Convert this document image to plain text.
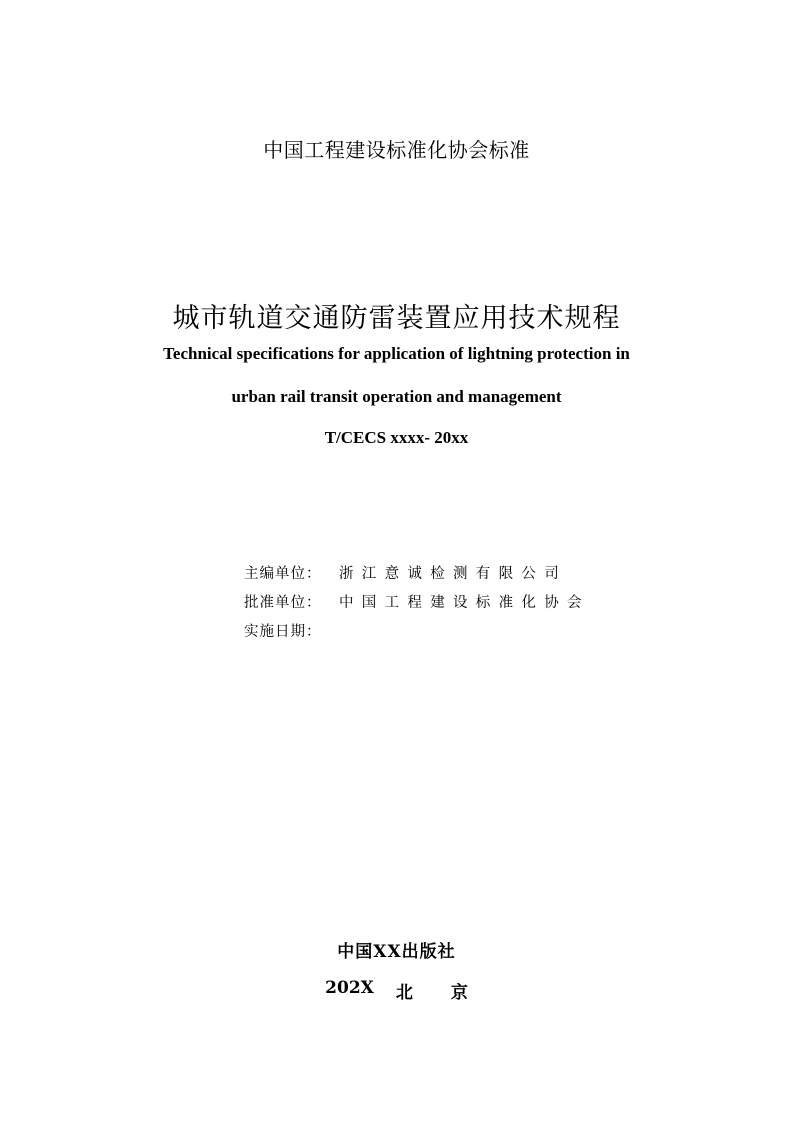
中国工程建设标准化协会标准
城市轨道交通防雷装置应用技术规程
Technical specifications for application of lightning protection in
urban rail transit operation and management
T/CECS xxxx- 20xx
主编单位：	浙江意诚检测有限公司
批准单位：	中国工程建设标准化协会
实施日期：
中国XX出版社
202X 北 京
